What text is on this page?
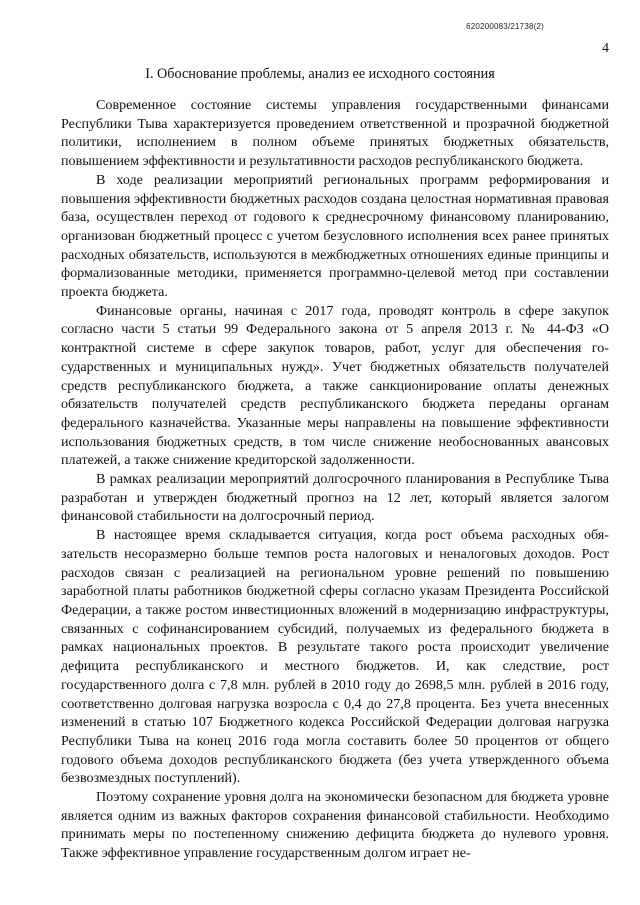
620200083/21738(2)
4
I. Обоснование проблемы, анализ ее исходного состояния

Современное состояние системы управления государственными финансами Республики Тыва характеризуется проведением ответственной и прозрачной бюджетной политики, исполнением в полном объеме принятых бюджетных обязательств, повышением эффективности и результативности расходов республиканского бюджета.

В ходе реализации мероприятий региональных программ реформирования и повышения эффективности бюджетных расходов создана целостная нормативная правовая база, осуществлен переход от годового к среднесрочному финансовому планированию, организован бюджетный процесс с учетом безусловного исполнения всех ранее принятых расходных обязательств, используются в межбюджетных отношениях единые принципы и формализованные методики, применяется программно-целевой метод при составлении проекта бюджета.

Финансовые органы, начиная с 2017 года, проводят контроль в сфере закупок согласно части 5 статьи 99 Федерального закона от 5 апреля 2013 г. № 44-ФЗ «О контрактной системе в сфере закупок товаров, работ, услуг для обеспечения государственных и муниципальных нужд». Учет бюджетных обязательств получателей средств республиканского бюджета, а также санкционирование оплаты денежных обязательств получателей средств республиканского бюджета переданы органам федерального казначейства. Указанные меры направлены на повышение эффективности использования бюджетных средств, в том числе снижение необоснованных авансовых платежей, а также снижение кредиторской задолженности.

В рамках реализации мероприятий долгосрочного планирования в Республике Тыва разработан и утвержден бюджетный прогноз на 12 лет, который является залогом финансовой стабильности на долгосрочный период.

В настоящее время складывается ситуация, когда рост объема расходных обязательств несоразмерно больше темпов роста налоговых и неналоговых доходов. Рост расходов связан с реализацией на региональном уровне решений по повышению заработной платы работников бюджетной сферы согласно указам Президента Российской Федерации, а также ростом инвестиционных вложений в модернизацию инфраструктуры, связанных с софинансированием субсидий, получаемых из федерального бюджета в рамках национальных проектов. В результате такого роста происходит увеличение дефицита республиканского и местного бюджетов. И, как следствие, рост государственного долга с 7,8 млн. рублей в 2010 году до 2698,5 млн. рублей в 2016 году, соответственно долговая нагрузка возросла с 0,4 до 27,8 процента. Без учета внесенных изменений в статью 107 Бюджетного кодекса Российской Федерации долговая нагрузка Республики Тыва на конец 2016 года могла составить более 50 процентов от общего годового объема доходов республиканского бюджета (без учета утвержденного объема безвозмездных поступлений).

Поэтому сохранение уровня долга на экономически безопасном для бюджета уровне является одним из важных факторов сохранения финансовой стабильности. Необходимо принимать меры по постепенному снижению дефицита бюджета до нулевого уровня. Также эффективное управление государственным долгом играет не-
